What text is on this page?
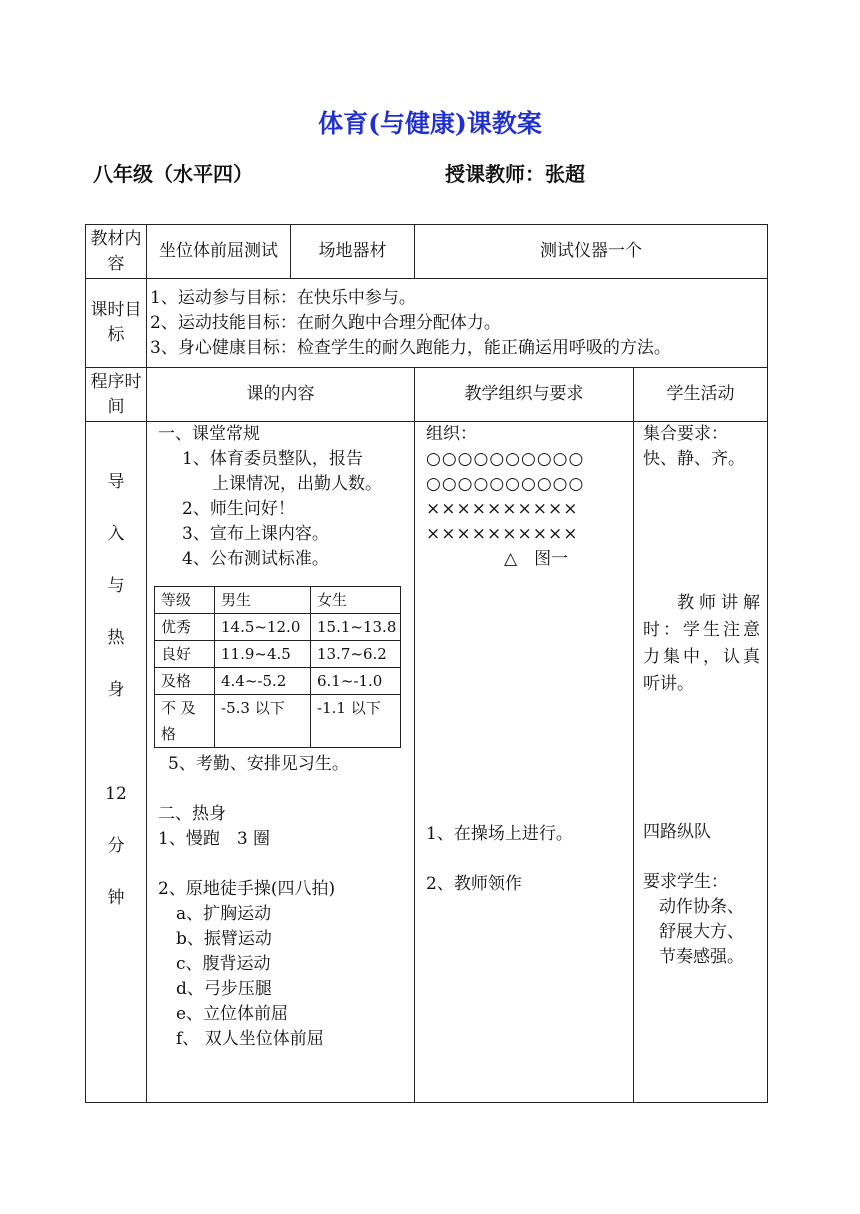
体育(与健康)课教案
八年级（水平四）	授课教师：张超
教材内容	坐位体前屈测试	场地器材	测试仪器一个
课时目标	
1、运动参与目标：在快乐中参与。
2、运动技能目标：在耐久跑中合理分配体力。
3、身心健康目标：检查学生的耐久跑能力，能正确运用呼吸的方法。

程序时间	课的内容	教学组织与要求	学生活动

导
入
与
热
身
12
分
钟

一、课堂常规
1、体育委员整队，报告
上课情况，出勤人数。
2、师生问好！
3、宣布上课内容。
4、公布测试标准。
等级	男生	女生
优秀	14.5~12.0	15.1~13.8
良好	11.9~4.5	13.7~6.2
及格	4.4~-5.2	6.1~-1.0
不 及 格	-5.3 以下	-1.1 以下
5、考勤、安排见习生。
二、热身
1、慢跑　3 圈
2、原地徒手操(四八拍)
a、扩胸运动
b、振臂运动
c、腹背运动
d、弓步压腿
e、立位体前屈
f、 双人坐位体前屈

组织：
○○○○○○○○○○
○○○○○○○○○○
××××××××××
××××××××××
△　图一
1、在操场上进行。
2、教师领作

集合要求：
快、静、齐。
教师讲解时：学生注意力集中，认真听讲。
四路纵队
要求学生：
动作协条、
舒展大方、
节奏感强。
